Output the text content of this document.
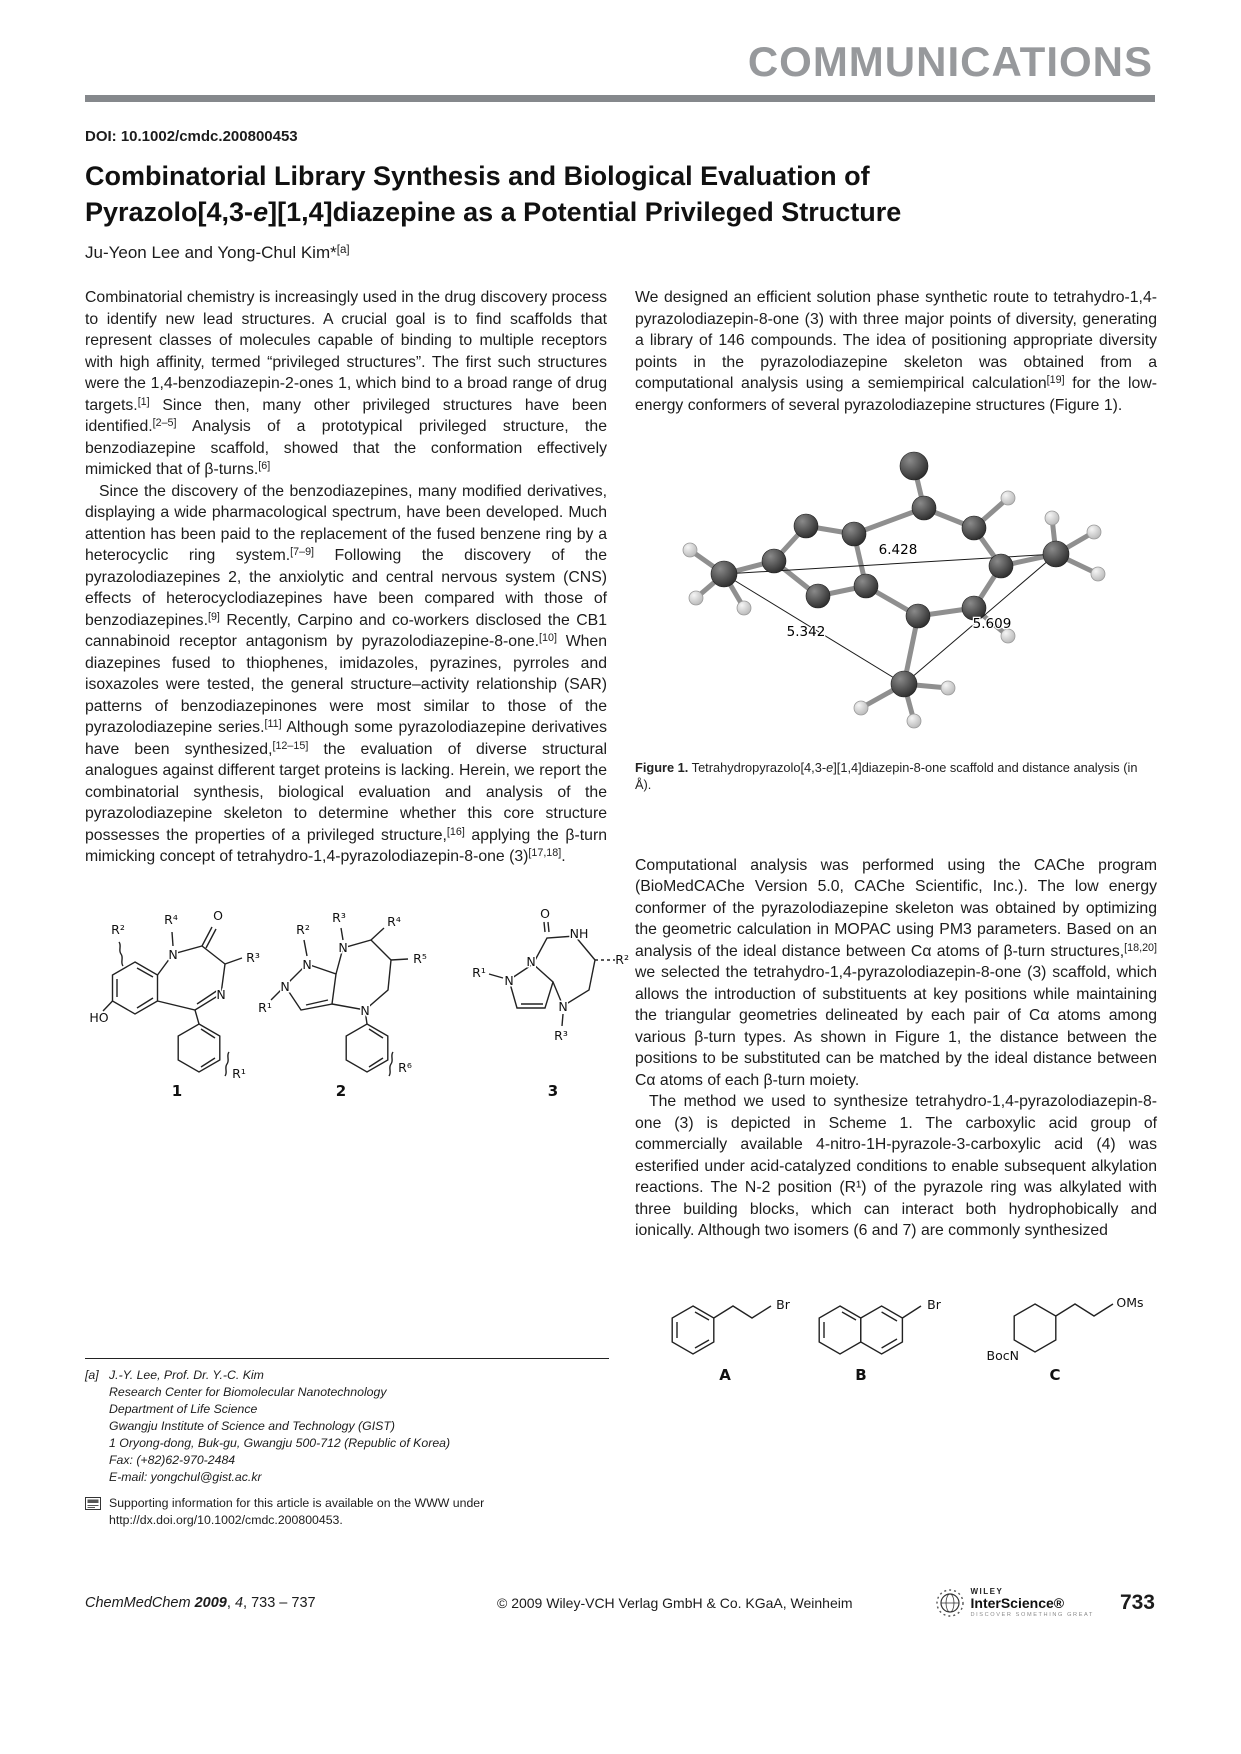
COMMUNICATIONS
DOI: 10.1002/cmdc.200800453
Combinatorial Library Synthesis and Biological Evaluation of
Pyrazolo[4,3-e][1,4]diazepine as a Potential Privileged Structure
Ju-Yeon Lee and Yong-Chul Kim*[a]

Combinatorial chemistry is increasingly used in the drug discovery process to identify new lead structures. A crucial goal is to find scaffolds that represent classes of molecules capable of binding to multiple receptors with high affinity, termed “privileged structures”. The first such structures were the 1,4-benzodiazepin-2-ones 1, which bind to a broad range of drug targets.[1] Since then, many other privileged structures have been identified.[2–5] Analysis of a prototypical privileged structure, the benzodiazepine scaffold, showed that the conformation effectively mimicked that of β-turns.[6]

Since the discovery of the benzodiazepines, many modified derivatives, displaying a wide pharmacological spectrum, have been developed. Much attention has been paid to the replacement of the fused benzene ring by a heterocyclic ring system.[7–9] Following the discovery of the pyrazolodiazepines 2, the anxiolytic and central nervous system (CNS) effects of heterocyclodiazepines have been compared with those of benzodiazepines.[9] Recently, Carpino and co-workers disclosed the CB1 cannabinoid receptor antagonism by pyrazolodiazepine-8-one.[10] When diazepines fused to thiophenes, imidazoles, pyrazines, pyrroles and isoxazoles were tested, the general structure–activity relationship (SAR) patterns of benzodiazepinones were most similar to those of the pyrazolodiazepine series.[11] Although some pyrazolodiazepine derivatives have been synthesized,[12–15] the evaluation of diverse structural analogues against different target proteins is lacking. Herein, we report the combinatorial synthesis, biological evaluation and analysis of the pyrazolodiazepine skeleton to determine whether this core structure possesses the properties of a privileged structure,[16] applying the β-turn mimicking concept of tetrahydro-1,4-pyrazolodiazepin-8-one (3)[17,18].

HO
R²
R⁴	O
R³
N
N
R¹
1
R²
N
N
R¹
N
R³	R⁴
R⁵
N
R⁶
2
R¹
N
N
O
NH
R²
N
R³
3

We designed an efficient solution phase synthetic route to tetrahydro-1,4-pyrazolodiazepin-8-one (3) with three major points of diversity, generating a library of 146 compounds. The idea of positioning appropriate diversity points in the pyrazolodiazepine skeleton was obtained from a computational analysis using a semiempirical calculation[19] for the low-energy conformers of several pyrazolodiazepine structures (Figure 1).

6.428
5.342	5.609
Figure 1. Tetrahydropyrazolo[4,3-e][1,4]diazepin-8-one scaffold and distance analysis (in Å).

Computational analysis was performed using the CAChe program (BioMedCAChe Version 5.0, CAChe Scientific, Inc.). The low energy conformer of the pyrazolodiazepine skeleton was obtained by optimizing the geometric calculation in MOPAC using PM3 parameters. Based on an analysis of the ideal distance between Cα atoms of β-turn structures,[18,20] we selected the tetrahydro-1,4-pyrazolodiazepin-8-one (3) scaffold, which allows the introduction of substituents at key positions while maintaining the triangular geometries delineated by each pair of Cα atoms among various β-turn types. As shown in Figure 1, the distance between the positions to be substituted can be matched by the ideal distance between Cα atoms of each β-turn moiety.

The method we used to synthesize tetrahydro-1,4-pyrazolodiazepin-8-one (3) is depicted in Scheme 1. The carboxylic acid group of commercially available 4-nitro-1H-pyrazole-3-carboxylic acid (4) was esterified under acid-catalyzed conditions to enable subsequent alkylation reactions. The N-2 position (R¹) of the pyrazole ring was alkylated with three building blocks, which can interact both hydrophobically and ionically. Although two isomers (6 and 7) are commonly synthesized

Br	Br
BocN
OMs
A	B	C
[a] J.-Y. Lee, Prof. Dr. Y.-C. Kim
Research Center for Biomolecular Nanotechnology
Department of Life Science
Gwangju Institute of Science and Technology (GIST)
1 Oryong-dong, Buk-gu, Gwangju 500-712 (Republic of Korea)
Fax: (+82)62-970-2484
E-mail: yongchul@gist.ac.kr
Supporting information for this article is available on the WWW under http://dx.doi.org/10.1002/cmdc.200800453.
ChemMedChem 2009, 4, 733 – 737	© 2009 Wiley-VCH Verlag GmbH & Co. KGaA, Weinheim
WILEY
InterScience®
DISCOVER SOMETHING GREAT
733
